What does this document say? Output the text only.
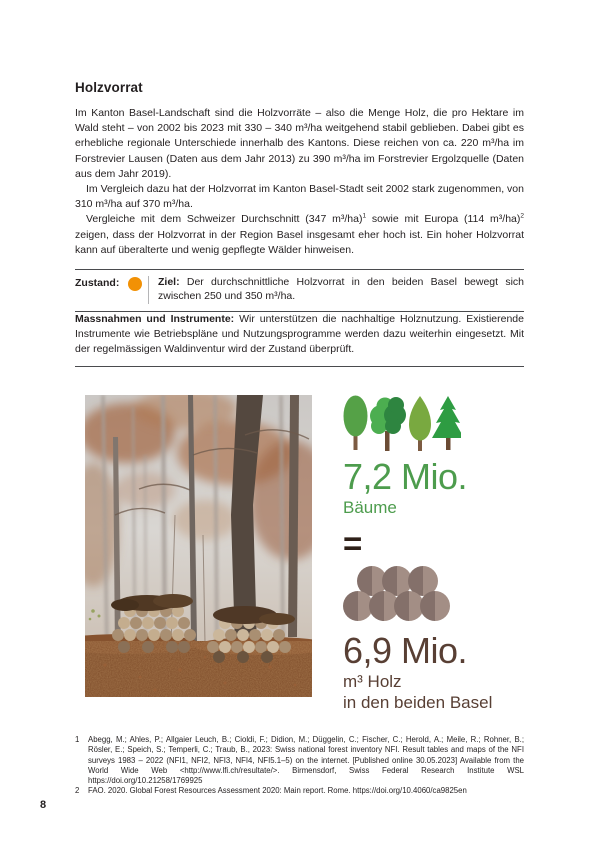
Holzvorrat

Im Kanton Basel-Landschaft sind die Holzvorräte – also die Menge Holz, die pro Hektare im Wald steht – von 2002 bis 2023 mit 330 – 340 m³/ha weitgehend stabil geblieben. Dabei gibt es erhebliche regionale Unterschiede innerhalb des Kantons. Diese reichen von ca. 220 m³/ha im Forstrevier Lausen (Daten aus dem Jahr 2013) zu 390 m³/ha im Forstrevier Ergolzquelle (Daten aus dem Jahr 2019).

Im Vergleich dazu hat der Holzvorrat im Kanton Basel-Stadt seit 2002 stark zugenommen, von 310 m³/ha auf 370 m³/ha.

Vergleiche mit dem Schweizer Durchschnitt (347 m³/ha)$^1$ sowie mit Europa (114 m³/ha)$^2$ zeigen, dass der Holzvorrat in der Region Basel insgesamt eher hoch ist. Ein hoher Holzvorrat kann auf überalterte und wenig gepflegte Wälder hinweisen.

Zustand:	Ziel: Der durchschnittliche Holzvorrat in den beiden Basel bewegt sich zwischen 250 und 350 m³/ha.

Massnahmen und Instrumente: Wir unterstützen die nachhaltige Holznutzung. Existierende Instrumente wie Betriebspläne und Nutzungsprogramme werden dazu weiterhin eingesetzt. Mit der regelmässigen Waldinventur wird der Zustand überprüft.

7,2 Mio.
Bäume
=
6,9 Mio.
m³ Holz
in den beiden Basel

1	Abegg, M.; Ahles, P.; Allgaier Leuch, B.; Cioldi, F.; Didion, M.; Düggelin, C.; Fischer, C.; Herold, A.; Meile, R.; Rohner, B.; Rösler, E.; Speich, S.; Temperli, C.; Traub, B., 2023: Swiss national forest inventory NFI. Result tables and maps of the NFI surveys 1983 – 2022 (NFI1, NFI2, NFI3, NFI4, NFI5.1–5) on the internet. [Published online 30.05.2023] Available from the World Wide Web <http://www.lfi.ch/resultate/>. Birmensdorf, Swiss Federal Research Institute WSL https://doi.org/10.21258/1769925

2	FAO. 2020. Global Forest Resources Assessment 2020: Main report. Rome. https://doi.org/10.4060/ca9825en

8
